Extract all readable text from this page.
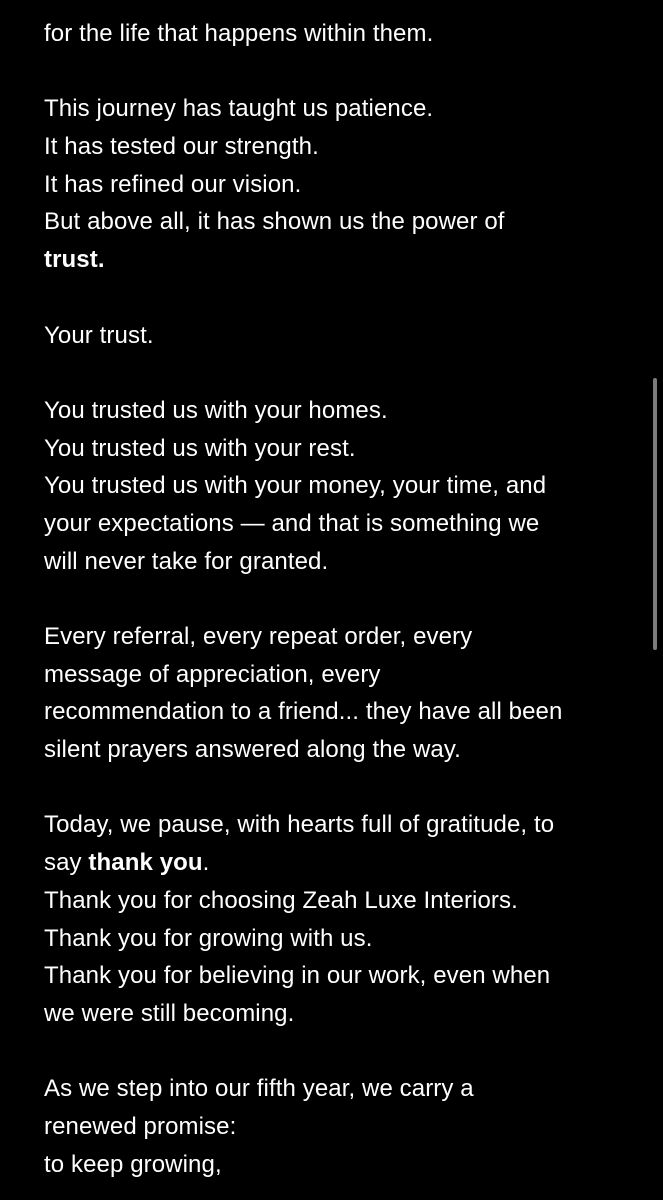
for the life that happens within them.
This journey has taught us patience.
It has tested our strength.
It has refined our vision.
But above all, it has shown us the power of
trust.
Your trust.
You trusted us with your homes.
You trusted us with your rest.
You trusted us with your money, your time, and
your expectations — and that is something we
will never take for granted.
Every referral, every repeat order, every
message of appreciation, every
recommendation to a friend... they have all been
silent prayers answered along the way.
Today, we pause, with hearts full of gratitude, to
say thank you.
Thank you for choosing Zeah Luxe Interiors.
Thank you for growing with us.
Thank you for believing in our work, even when
we were still becoming.
As we step into our fifth year, we carry a
renewed promise:
to keep growing,
